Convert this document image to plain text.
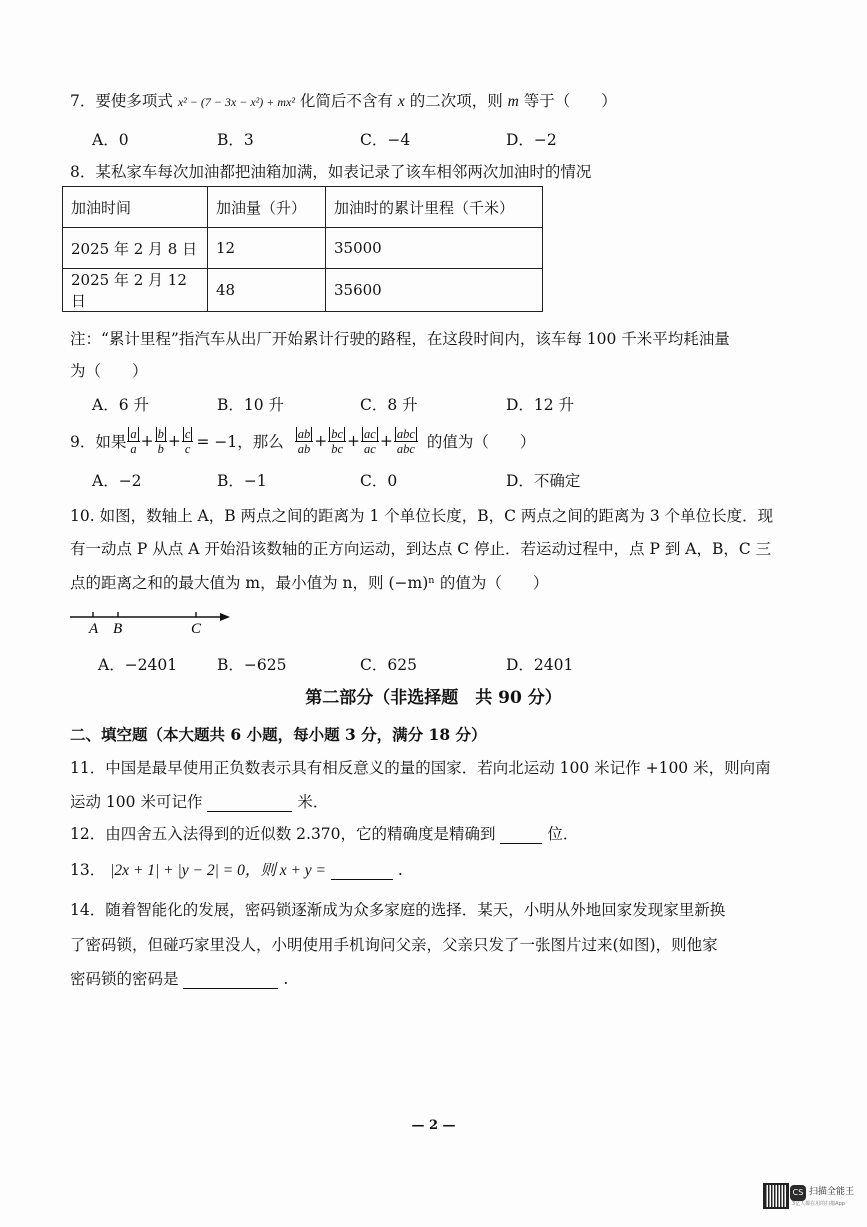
7．要使多项式 x² − (7 − 3x − x²) + mx² 化简后不含有 x 的二次项，则 m 等于（　　）
A．0	B．3	C．−4	D．−2
8．某私家车每次加油都把油箱加满，如表记录了该车相邻两次加油时的情况
加油时间	加油量（升）	加油时的累计里程（千米）
2025 年 2 月 8 日	12	35000
2025 年 2 月 12 日	48	35600
注：“累计里程”指汽车从出厂开始累计行驶的路程，在这段时间内，该车每 100 千米平均耗油量
为（　　）
A．6 升	B．10 升	C．8 升	D．12 升
9．如果 $\frac{a}{a} + \frac{b}{b} + \frac{c}{c} = -1$，那么 $\frac{ab}{ab} + \frac{bc}{bc} + \frac{ac}{ac} + \frac{\text{abc}}{\text{abc}}$ 的值为（　　）
A．−2	B．−1	C．0	D．不确定
10. 如图，数轴上 A，B 两点之间的距离为 1 个单位长度，B，C 两点之间的距离为 3 个单位长度．现
有一动点 P 从点 A 开始沿该数轴的正方向运动，到达点 C 停止．若运动过程中，点 P 到 A，B，C 三
点的距离之和的最大值为 m，最小值为 n，则 (−m)ⁿ 的值为（　　）
A B	C
A．−2401	B．−625	C．625	D．2401
第二部分（非选择题　共 90 分）
二、填空题（本大题共 6 小题，每小题 3 分，满分 18 分）
11．中国是最早使用正负数表示具有相反意义的量的国家．若向北运动 100 米记作 +100 米，则向南
运动 100 米可记作	米．
12．由四舍五入法得到的近似数 2.370，它的精确度是精确到	位．
13． |2x + 1| + |y − 2| = 0，则 x + y =	.
14．随着智能化的发展，密码锁逐渐成为众多家庭的选择．某天，小明从外地回家发现家里新换
了密码锁，但碰巧家里没人，小明使用手机询问父亲，父亲只发了一张图片过来(如图)，则他家
密码锁的密码是	.
— 2 —
CS 扫描全能王
3亿人都在用的扫描App
